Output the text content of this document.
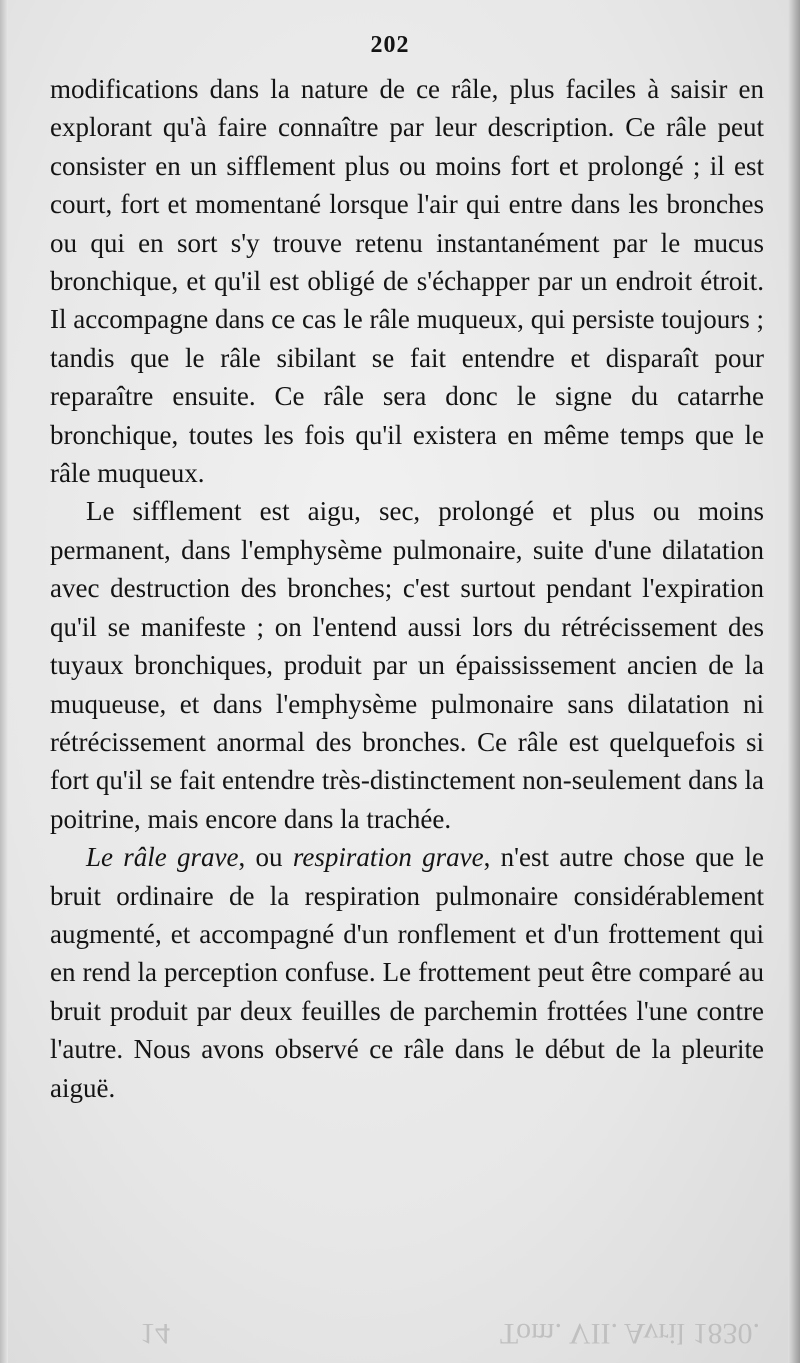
202

modifications dans la nature de ce râle, plus faciles à saisir en explorant qu'à faire connaître par leur description. Ce râle peut consister en un sifflement plus ou moins fort et prolongé ; il est court, fort et momentané lorsque l'air qui entre dans les bronches ou qui en sort s'y trouve retenu instantanément par le mucus bronchique, et qu'il est obligé de s'échapper par un endroit étroit. Il accompagne dans ce cas le râle muqueux, qui persiste toujours ; tandis que le râle sibilant se fait entendre et disparaît pour reparaître ensuite. Ce râle sera donc le signe du catarrhe bronchique, toutes les fois qu'il existera en même temps que le râle muqueux.

Le sifflement est aigu, sec, prolongé et plus ou moins permanent, dans l'emphysème pulmonaire, suite d'une dilatation avec destruction des bronches; c'est surtout pendant l'expiration qu'il se manifeste ; on l'entend aussi lors du rétrécissement des tuyaux bronchiques, produit par un épaississement ancien de la muqueuse, et dans l'emphysème pulmonaire sans dilatation ni rétrécissement anormal des bronches. Ce râle est quelquefois si fort qu'il se fait entendre très-distinctement non-seulement dans la poitrine, mais encore dans la trachée.

Le râle grave, ou respiration grave, n'est autre chose que le bruit ordinaire de la respiration pulmonaire considérablement augmenté, et accompagné d'un ronflement et d'un frottement qui en rend la perception confuse. Le frottement peut être comparé au bruit produit par deux feuilles de parchemin frottées l'une contre l'autre. Nous avons observé ce râle dans le début de la pleurite aiguë.

14	Tom. VII. Avril 1830.
